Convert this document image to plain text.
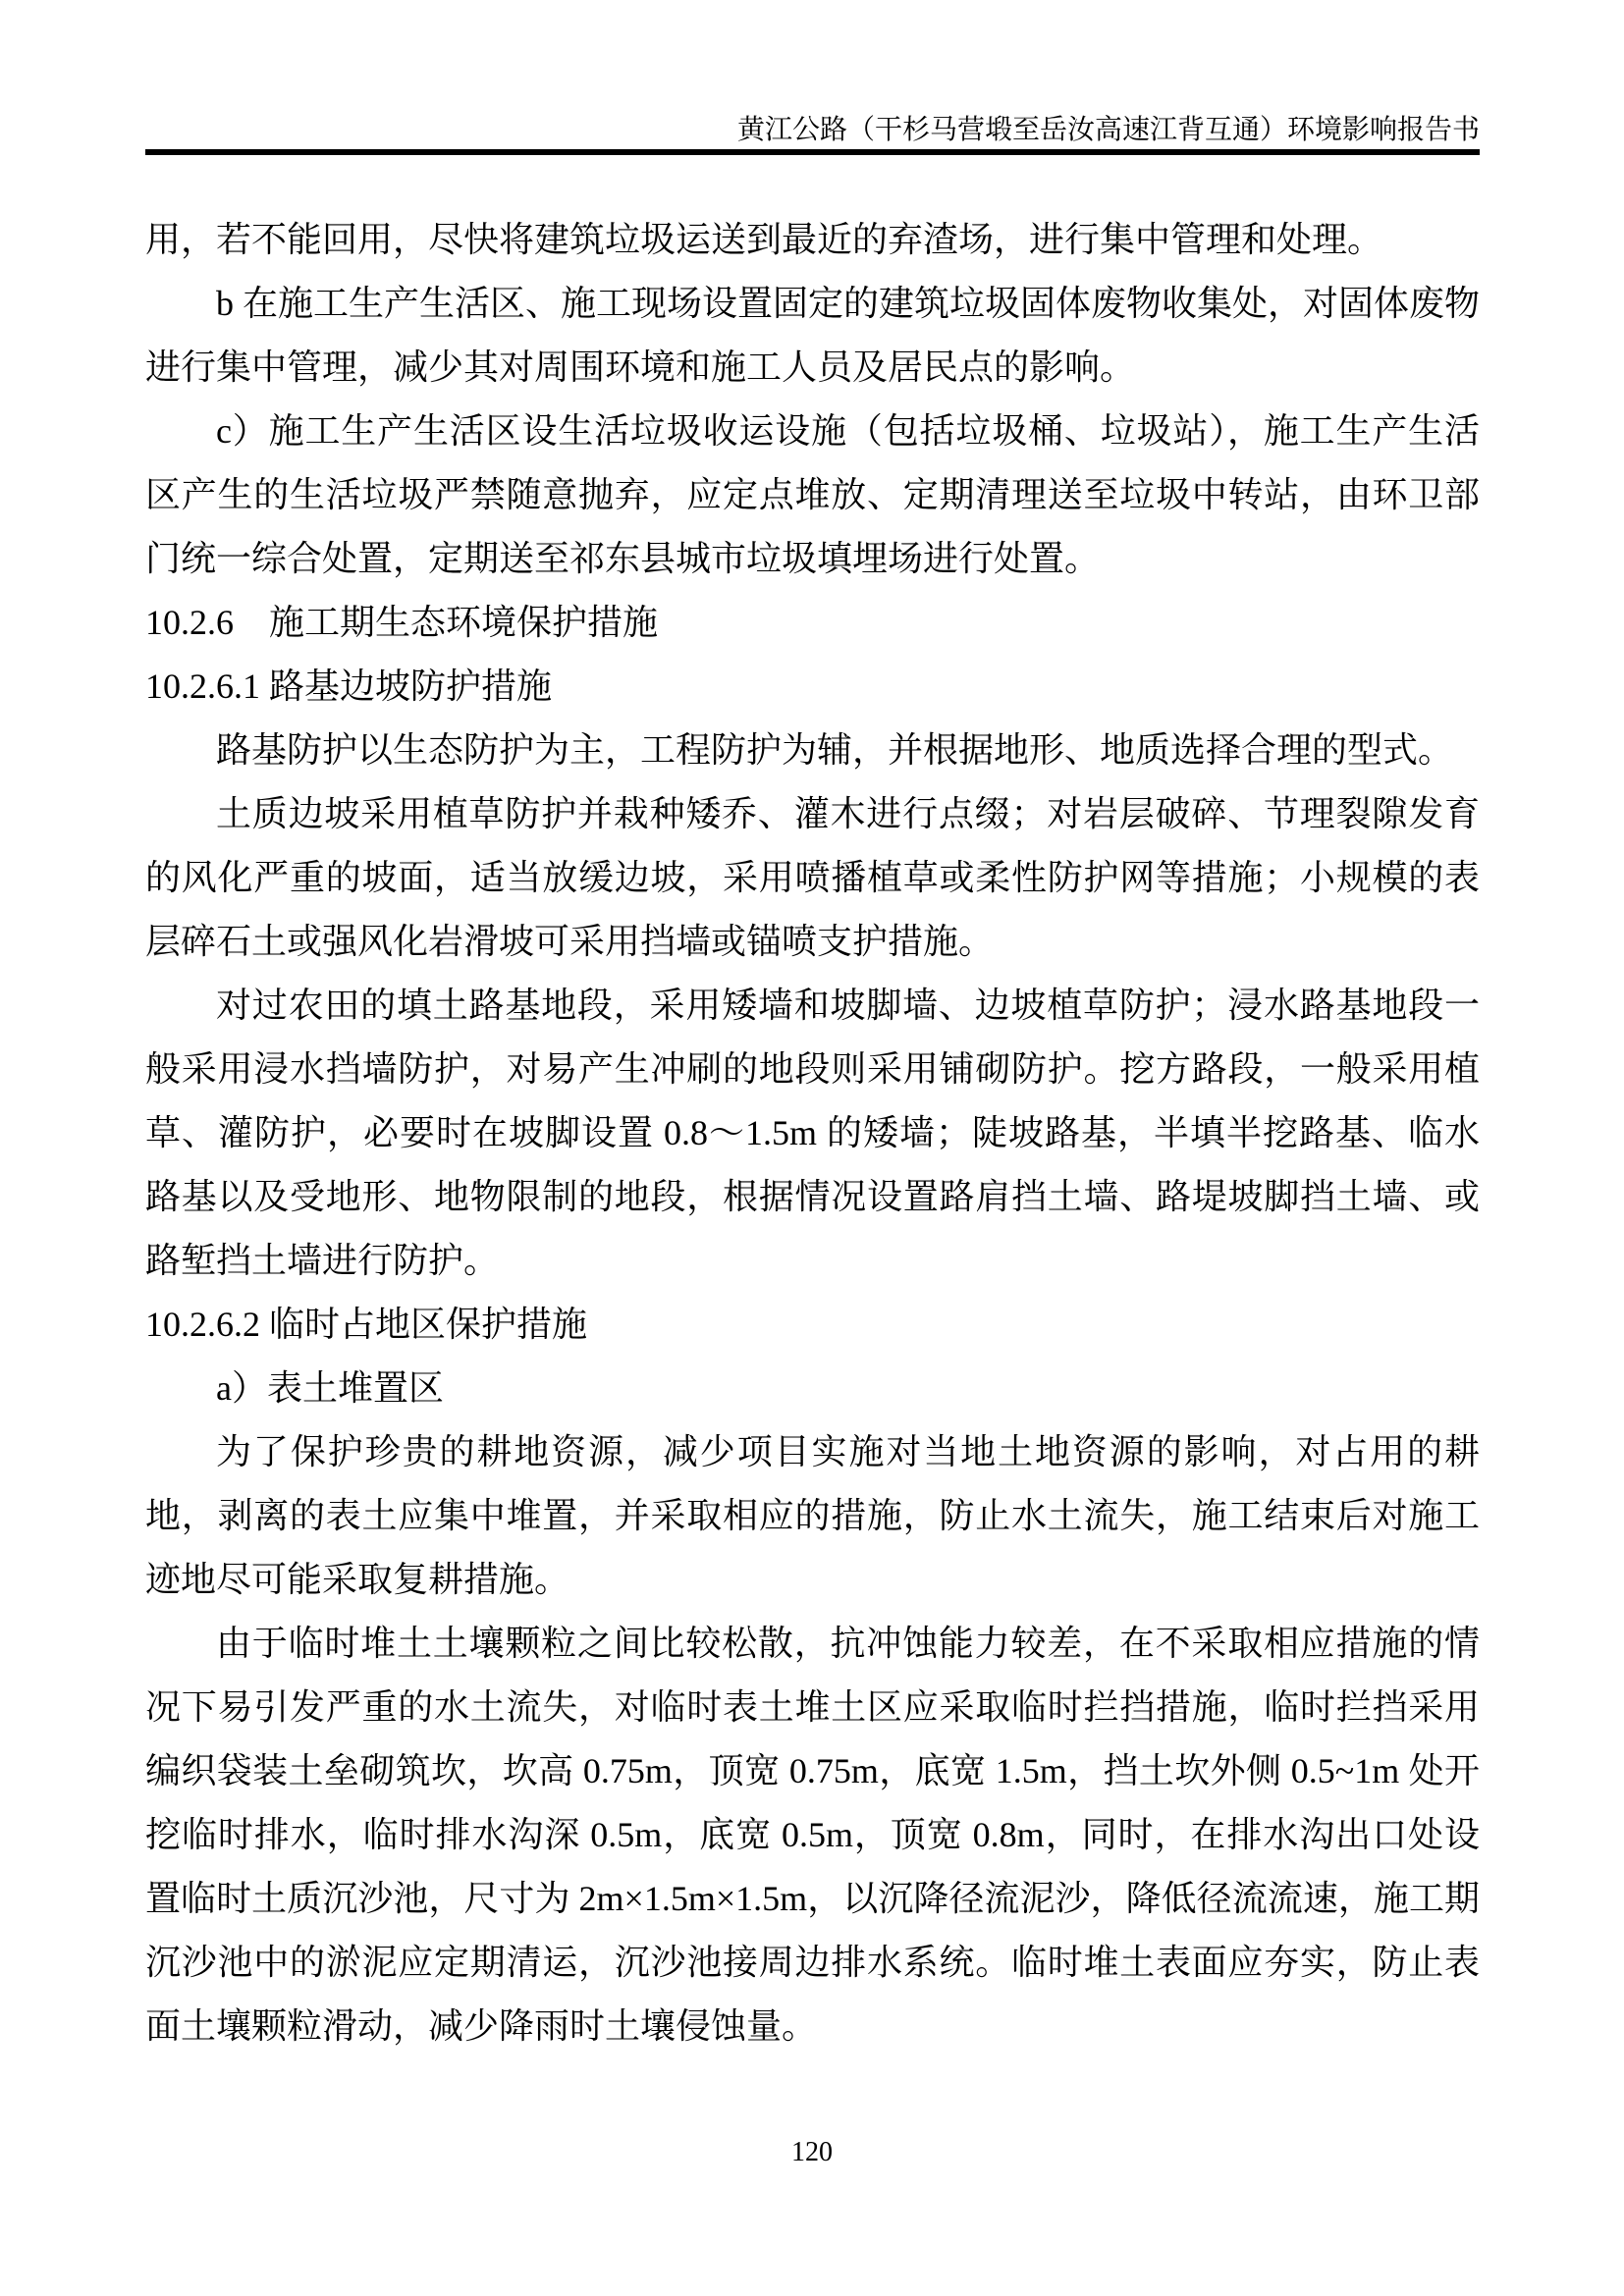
黄江公路（干杉马营塅至岳汝高速江背互通）环境影响报告书

用，若不能回用，尽快将建筑垃圾运送到最近的弃渣场，进行集中管理和处理。

b 在施工生产生活区、施工现场设置固定的建筑垃圾固体废物收集处，对固体废物进行集中管理，减少其对周围环境和施工人员及居民点的影响。

c）施工生产生活区设生活垃圾收运设施（包括垃圾桶、垃圾站），施工生产生活区产生的生活垃圾严禁随意抛弃，应定点堆放、定期清理送至垃圾中转站，由环卫部门统一综合处置，定期送至祁东县城市垃圾填埋场进行处置。

10.2.6　施工期生态环境保护措施

10.2.6.1 路基边坡防护措施

路基防护以生态防护为主，工程防护为辅，并根据地形、地质选择合理的型式。

土质边坡采用植草防护并栽种矮乔、灌木进行点缀；对岩层破碎、节理裂隙发育的风化严重的坡面，适当放缓边坡，采用喷播植草或柔性防护网等措施；小规模的表层碎石土或强风化岩滑坡可采用挡墙或锚喷支护措施。

对过农田的填土路基地段，采用矮墙和坡脚墙、边坡植草防护；浸水路基地段一般采用浸水挡墙防护，对易产生冲刷的地段则采用铺砌防护。挖方路段，一般采用植草、灌防护，必要时在坡脚设置 0.8～1.5m 的矮墙；陡坡路基，半填半挖路基、临水路基以及受地形、地物限制的地段，根据情况设置路肩挡土墙、路堤坡脚挡土墙、或路堑挡土墙进行防护。

10.2.6.2 临时占地区保护措施

a）表土堆置区

为了保护珍贵的耕地资源，减少项目实施对当地土地资源的影响，对占用的耕地，剥离的表土应集中堆置，并采取相应的措施，防止水土流失，施工结束后对施工迹地尽可能采取复耕措施。

由于临时堆土土壤颗粒之间比较松散，抗冲蚀能力较差，在不采取相应措施的情况下易引发严重的水土流失，对临时表土堆土区应采取临时拦挡措施，临时拦挡采用编织袋装土垒砌筑坎，坎高 0.75m，顶宽 0.75m，底宽 1.5m，挡土坎外侧 0.5~1m 处开挖临时排水，临时排水沟深 0.5m，底宽 0.5m，顶宽 0.8m，同时，在排水沟出口处设置临时土质沉沙池，尺寸为 2m×1.5m×1.5m，以沉降径流泥沙，降低径流流速，施工期沉沙池中的淤泥应定期清运，沉沙池接周边排水系统。临时堆土表面应夯实，防止表面土壤颗粒滑动，减少降雨时土壤侵蚀量。

120
